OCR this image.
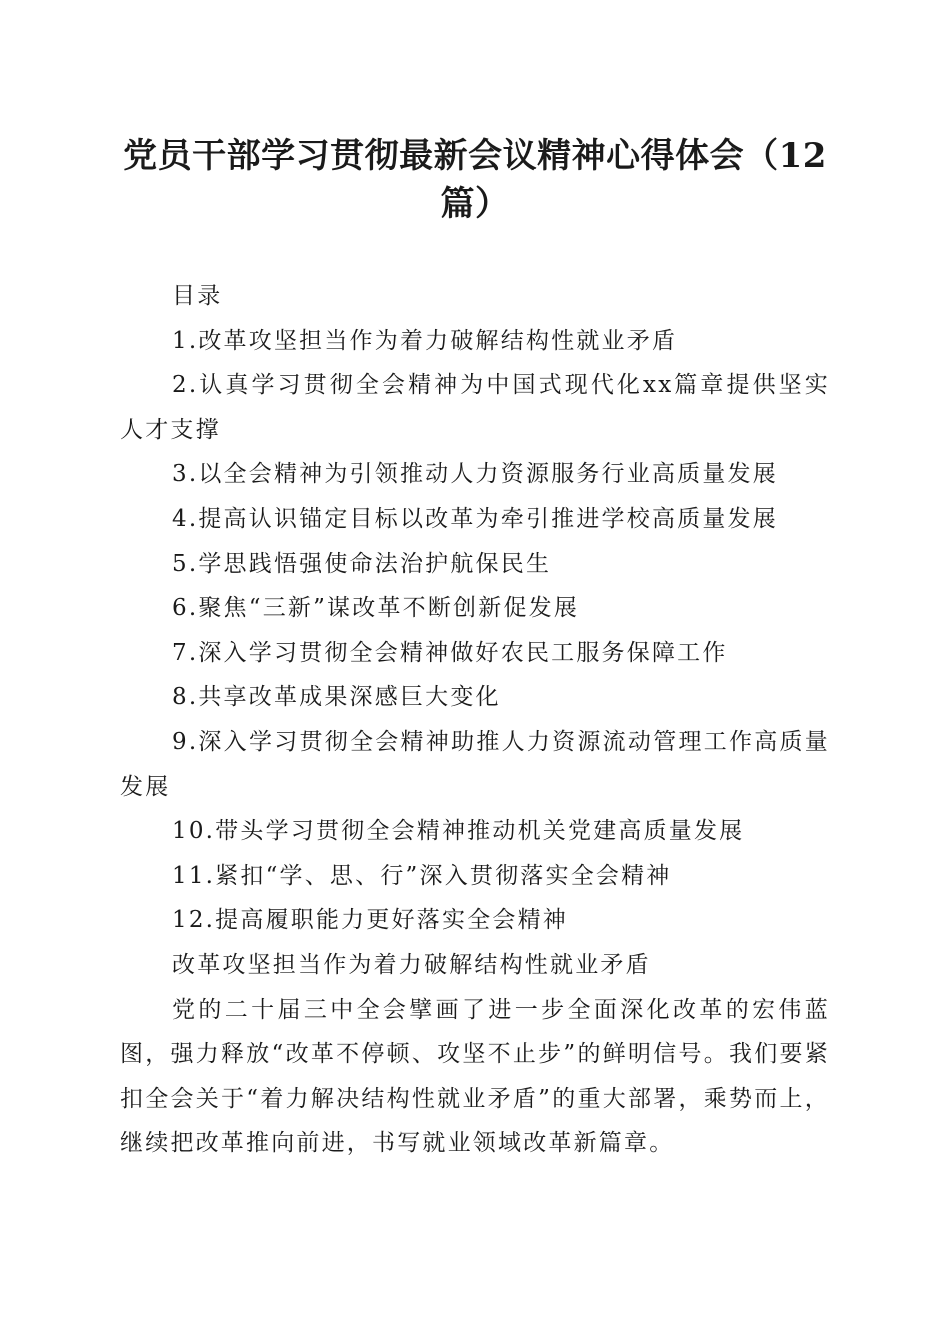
党员干部学习贯彻最新会议精神心得体会（12篇）

目录

1.改革攻坚担当作为着力破解结构性就业矛盾

2.认真学习贯彻全会精神为中国式现代化xx篇章提供坚实人才支撑

3.以全会精神为引领推动人力资源服务行业高质量发展

4.提高认识锚定目标以改革为牵引推进学校高质量发展

5.学思践悟强使命法治护航保民生

6.聚焦“三新”谋改革不断创新促发展

7.深入学习贯彻全会精神做好农民工服务保障工作

8.共享改革成果深感巨大变化

9.深入学习贯彻全会精神助推人力资源流动管理工作高质量发展

10.带头学习贯彻全会精神推动机关党建高质量发展

11.紧扣“学、思、行”深入贯彻落实全会精神

12.提高履职能力更好落实全会精神

改革攻坚担当作为着力破解结构性就业矛盾

党的二十届三中全会擘画了进一步全面深化改革的宏伟蓝图，强力释放“改革不停顿、攻坚不止步”的鲜明信号。我们要紧扣全会关于“着力解决结构性就业矛盾”的重大部署，乘势而上，继续把改革推向前进，书写就业领域改革新篇章。
